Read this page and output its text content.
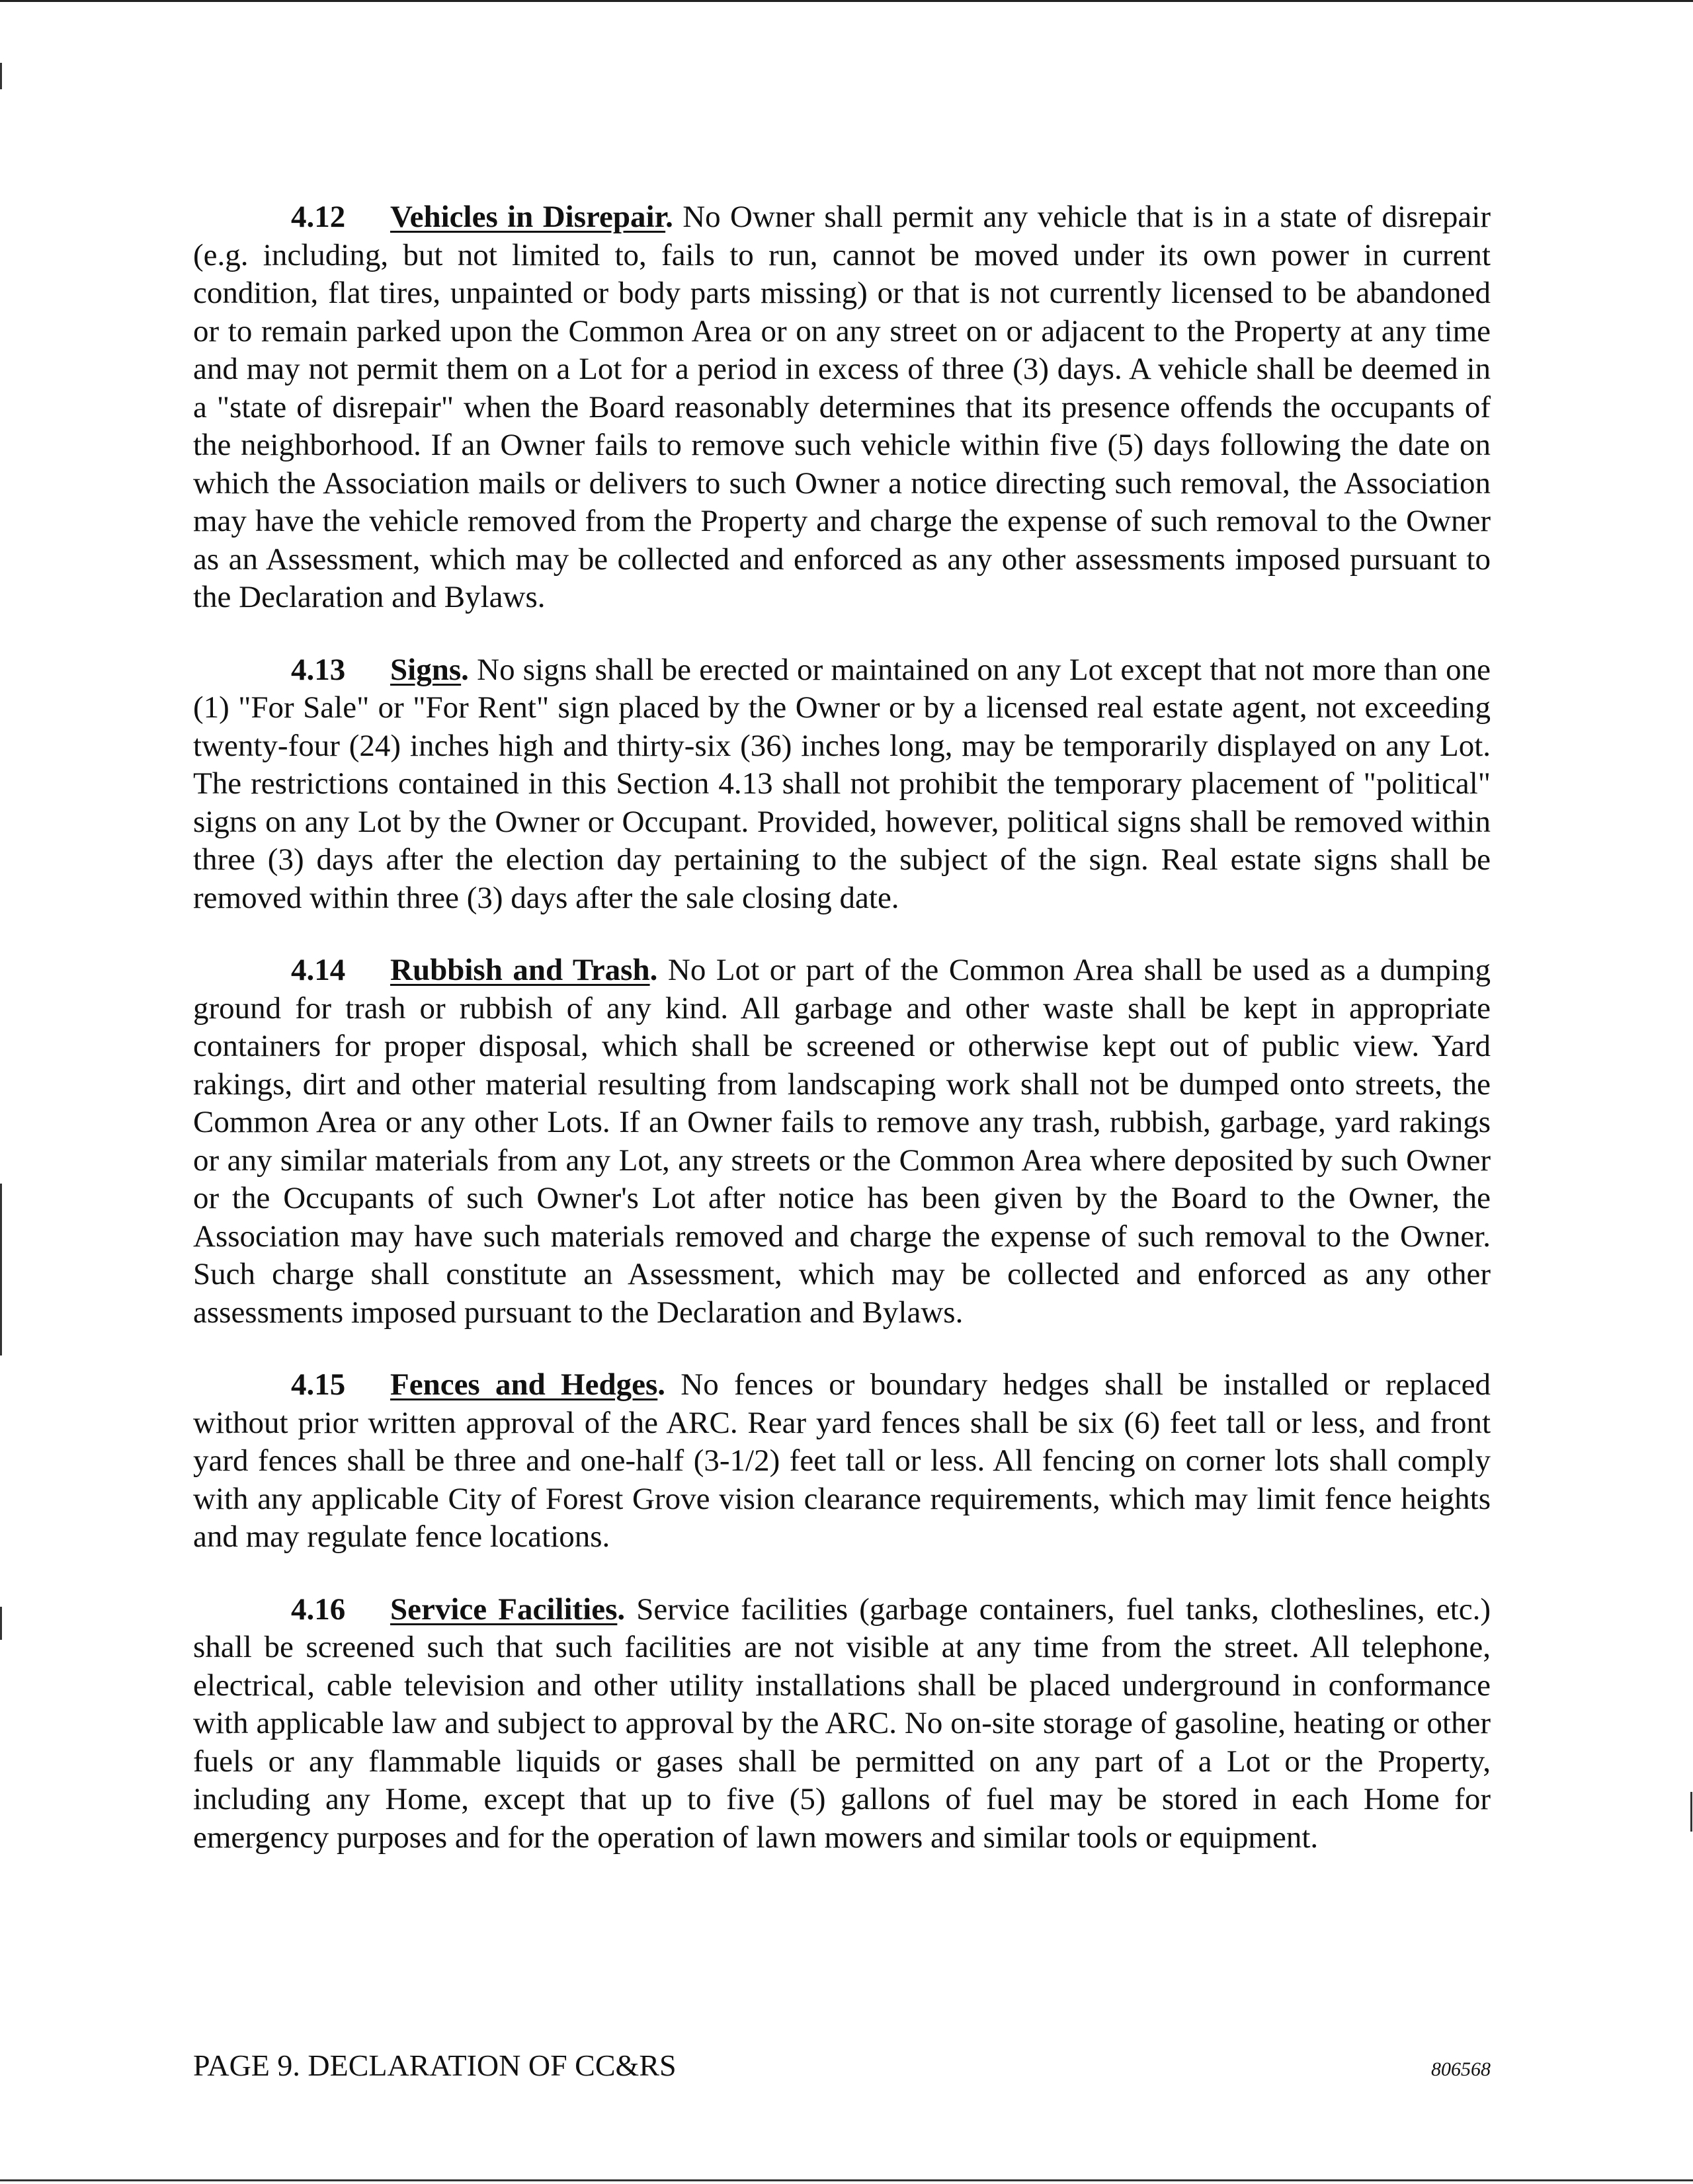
4.12 Vehicles in Disrepair. No Owner shall permit any vehicle that is in a state of disrepair (e.g. including, but not limited to, fails to run, cannot be moved under its own power in current condition, flat tires, unpainted or body parts missing) or that is not currently licensed to be abandoned or to remain parked upon the Common Area or on any street on or adjacent to the Property at any time and may not permit them on a Lot for a period in excess of three (3) days. A vehicle shall be deemed in a "state of disrepair" when the Board reasonably determines that its presence offends the occupants of the neighborhood. If an Owner fails to remove such vehicle within five (5) days following the date on which the Association mails or delivers to such Owner a notice directing such removal, the Association may have the vehicle removed from the Property and charge the expense of such removal to the Owner as an Assessment, which may be collected and enforced as any other assessments imposed pursuant to the Declaration and Bylaws.

4.13 Signs. No signs shall be erected or maintained on any Lot except that not more than one (1) "For Sale" or "For Rent" sign placed by the Owner or by a licensed real estate agent, not exceeding twenty-four (24) inches high and thirty-six (36) inches long, may be temporarily displayed on any Lot. The restrictions contained in this Section 4.13 shall not prohibit the temporary placement of "political" signs on any Lot by the Owner or Occupant. Provided, however, political signs shall be removed within three (3) days after the election day pertaining to the subject of the sign. Real estate signs shall be removed within three (3) days after the sale closing date.

4.14 Rubbish and Trash. No Lot or part of the Common Area shall be used as a dumping ground for trash or rubbish of any kind. All garbage and other waste shall be kept in appropriate containers for proper disposal, which shall be screened or otherwise kept out of public view. Yard rakings, dirt and other material resulting from landscaping work shall not be dumped onto streets, the Common Area or any other Lots. If an Owner fails to remove any trash, rubbish, garbage, yard rakings or any similar materials from any Lot, any streets or the Common Area where deposited by such Owner or the Occupants of such Owner's Lot after notice has been given by the Board to the Owner, the Association may have such materials removed and charge the expense of such removal to the Owner. Such charge shall constitute an Assessment, which may be collected and enforced as any other assessments imposed pursuant to the Declaration and Bylaws.

4.15 Fences and Hedges. No fences or boundary hedges shall be installed or replaced without prior written approval of the ARC. Rear yard fences shall be six (6) feet tall or less, and front yard fences shall be three and one-half (3-1/2) feet tall or less. All fencing on corner lots shall comply with any applicable City of Forest Grove vision clearance requirements, which may limit fence heights and may regulate fence locations.

4.16 Service Facilities. Service facilities (garbage containers, fuel tanks, clotheslines, etc.) shall be screened such that such facilities are not visible at any time from the street. All telephone, electrical, cable television and other utility installations shall be placed underground in conformance with applicable law and subject to approval by the ARC. No on-site storage of gasoline, heating or other fuels or any flammable liquids or gases shall be permitted on any part of a Lot or the Property, including any Home, except that up to five (5) gallons of fuel may be stored in each Home for emergency purposes and for the operation of lawn mowers and similar tools or equipment.

PAGE 9. DECLARATION OF CC&RS	806568
